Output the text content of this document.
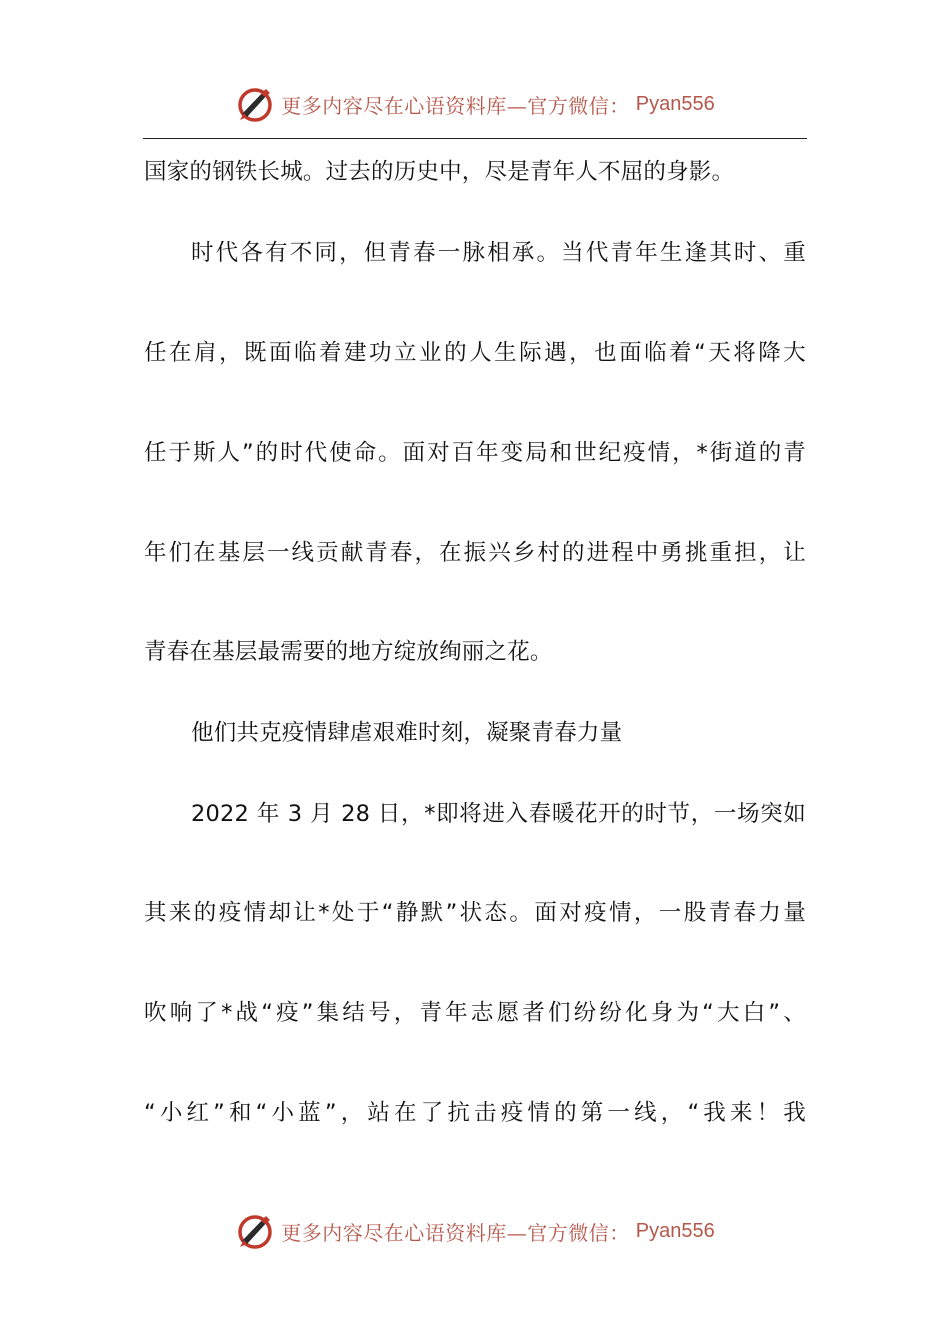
更多内容尽在心语资料库—官方微信： Pyan556
国家的钢铁长城。过去的历史中，尽是青年人不屈的身影。
时代各有不同，但青春一脉相承。当代青年生逢其时、重
任在肩，既面临着建功立业的人生际遇，也面临着“天将降大
任于斯人”的时代使命。面对百年变局和世纪疫情，*街道的青
年们在基层一线贡献青春，在振兴乡村的进程中勇挑重担，让
青春在基层最需要的地方绽放绚丽之花。
他们共克疫情肆虐艰难时刻，凝聚青春力量
2022 年 3 月 28 日，*即将进入春暖花开的时节，一场突如
其来的疫情却让*处于“静默”状态。面对疫情，一股青春力量
吹响了*战“疫”集结号，青年志愿者们纷纷化身为“大白”、
“小红”和“小蓝”，站在了抗击疫情的第一线，“我来！我
更多内容尽在心语资料库—官方微信： Pyan556
